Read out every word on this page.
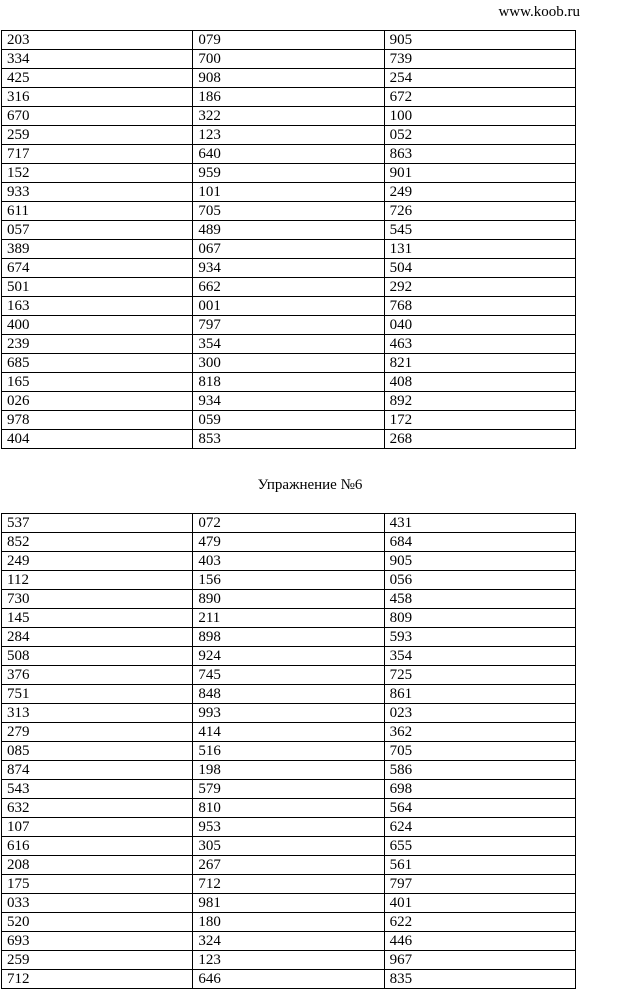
www.koob.ru
203	079	905
334	700	739
425	908	254
316	186	672
670	322	100
259	123	052
717	640	863
152	959	901
933	101	249
611	705	726
057	489	545
389	067	131
674	934	504
501	662	292
163	001	768
400	797	040
239	354	463
685	300	821
165	818	408
026	934	892
978	059	172
404	853	268
Упражнение №6
537	072	431
852	479	684
249	403	905
112	156	056
730	890	458
145	211	809
284	898	593
508	924	354
376	745	725
751	848	861
313	993	023
279	414	362
085	516	705
874	198	586
543	579	698
632	810	564
107	953	624
616	305	655
208	267	561
175	712	797
033	981	401
520	180	622
693	324	446
259	123	967
712	646	835
